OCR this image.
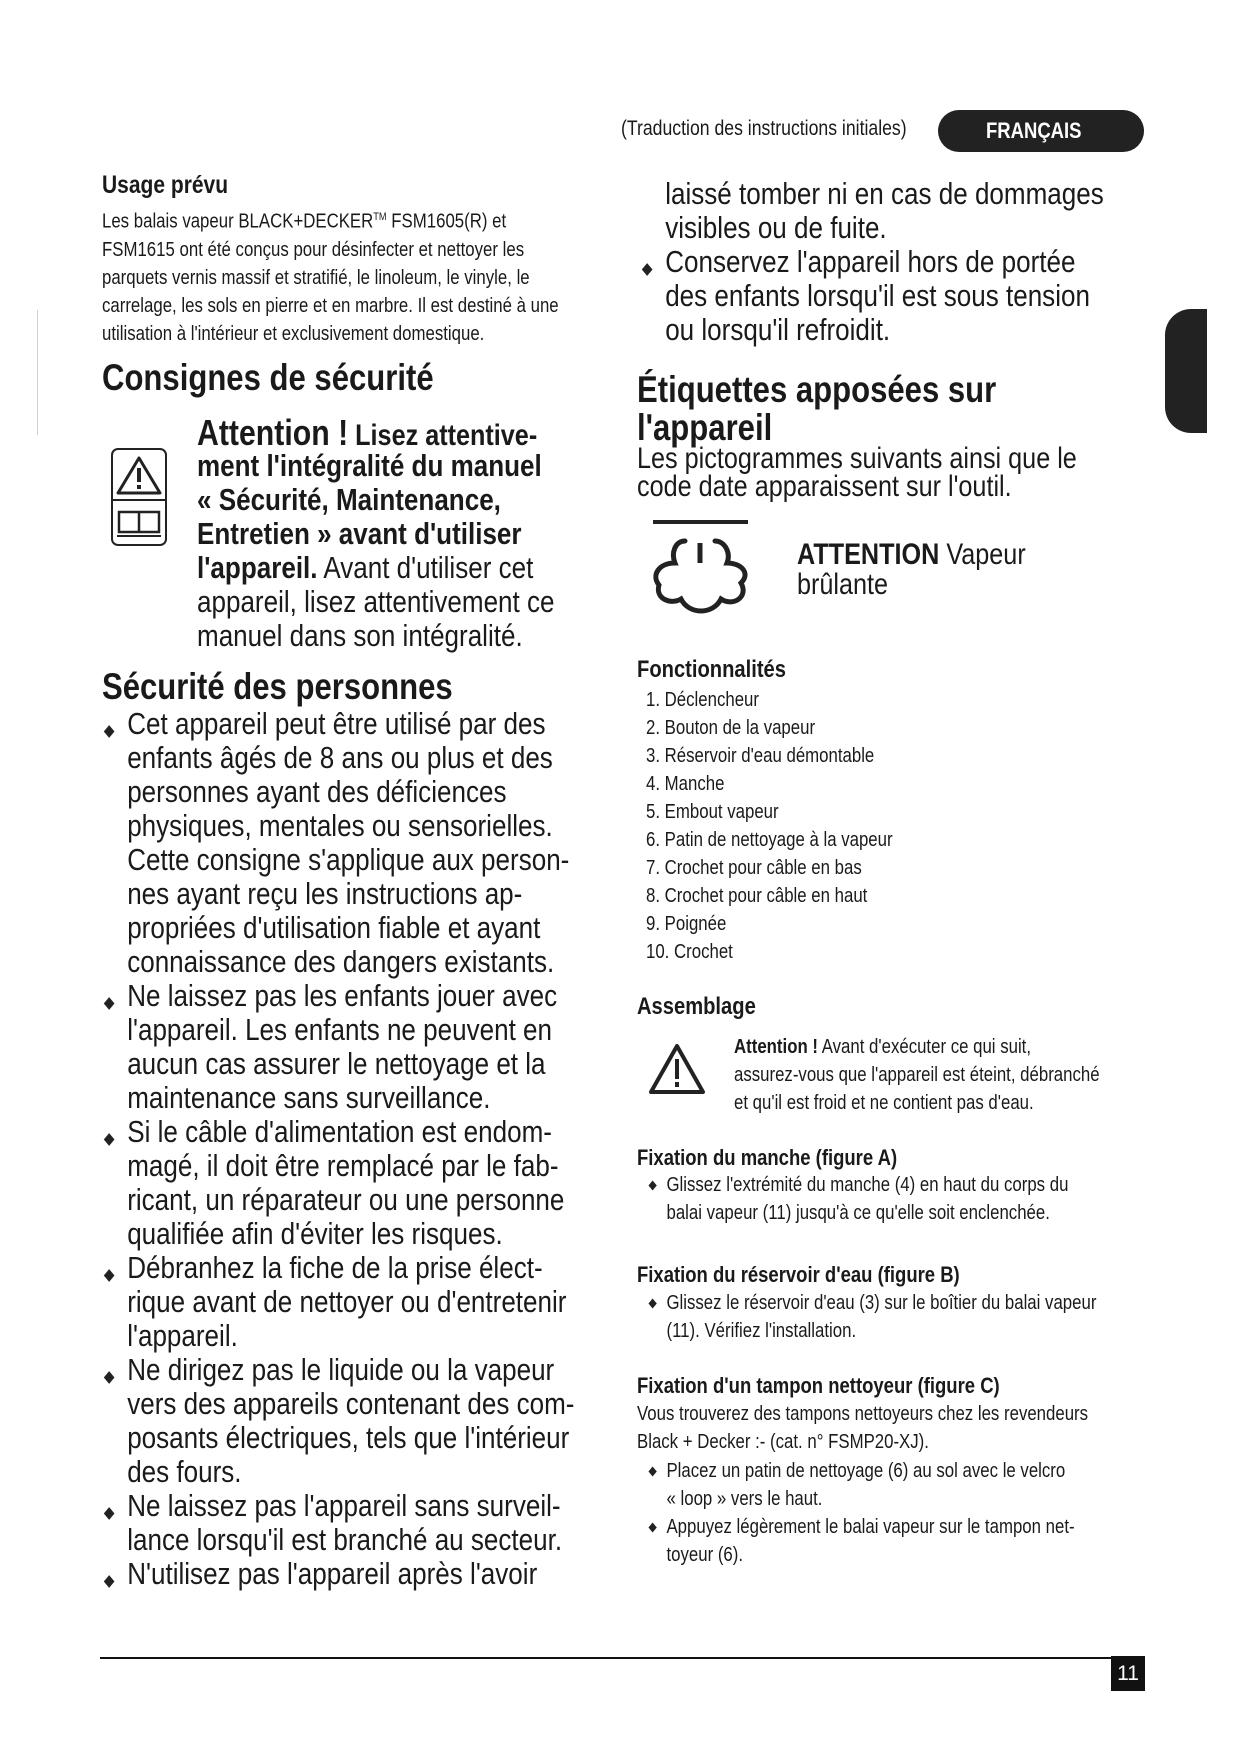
(Traduction des instructions initiales)	FRANÇAIS
Usage prévu
Les balais vapeur BLACK+DECKER™ FSM1605(R) et
FSM1615 ont été conçus pour désinfecter et nettoyer les
parquets vernis massif et stratifié, le linoleum, le vinyle, le
carrelage, les sols en pierre et en marbre. Il est destiné à une
utilisation à l'intérieur et exclusivement domestique.
Consignes de sécurité
Attention ! Lisez attentive-
ment l'intégralité du manuel
« Sécurité, Maintenance,
Entretien » avant d'utiliser
l'appareil. Avant d'utiliser cet
appareil, lisez attentivement ce
manuel dans son intégralité.
Sécurité des personnes
Cet appareil peut être utilisé par des
enfants âgés de 8 ans ou plus et des
personnes ayant des déficiences
physiques, mentales ou sensorielles.
Cette consigne s'applique aux person-
nes ayant reçu les instructions ap-
propriées d'utilisation fiable et ayant
connaissance des dangers existants.
Ne laissez pas les enfants jouer avec
l'appareil. Les enfants ne peuvent en
aucun cas assurer le nettoyage et la
maintenance sans surveillance.
Si le câble d'alimentation est endom-
magé, il doit être remplacé par le fab-
ricant, un réparateur ou une personne
qualifiée afin d'éviter les risques.
Débranhez la fiche de la prise élect-
rique avant de nettoyer ou d'entretenir
l'appareil.
Ne dirigez pas le liquide ou la vapeur
vers des appareils contenant des com-
posants électriques, tels que l'intérieur
des fours.
Ne laissez pas l'appareil sans surveil-
lance lorsqu'il est branché au secteur.
N'utilisez pas l'appareil après l'avoir
laissé tomber ni en cas de dommages
visibles ou de fuite.
Conservez l'appareil hors de portée
des enfants lorsqu'il est sous tension
ou lorsqu'il refroidit.
Étiquettes apposées sur
l'appareil
Les pictogrammes suivants ainsi que le
code date apparaissent sur l'outil.
ATTENTION Vapeur
brûlante
Fonctionnalités
1. Déclencheur
2. Bouton de la vapeur
3. Réservoir d'eau démontable
4. Manche
5. Embout vapeur
6. Patin de nettoyage à la vapeur
7. Crochet pour câble en bas
8. Crochet pour câble en haut
9. Poignée
10. Crochet
Assemblage
Attention ! Avant d'exécuter ce qui suit,
assurez-vous que l'appareil est éteint, débranché
et qu'il est froid et ne contient pas d'eau.
Fixation du manche (figure A)
Glissez l'extrémité du manche (4) en haut du corps du
balai vapeur (11) jusqu'à ce qu'elle soit enclenchée.
Fixation du réservoir d'eau (figure B)
Glissez le réservoir d'eau (3) sur le boîtier du balai vapeur
(11). Vérifiez l'installation.
Fixation d'un tampon nettoyeur (figure C)
Vous trouverez des tampons nettoyeurs chez les revendeurs
Black + Decker :- (cat. n° FSMP20-XJ).
Placez un patin de nettoyage (6) au sol avec le velcro
« loop » vers le haut.
Appuyez légèrement le balai vapeur sur le tampon net-
toyeur (6).
11
